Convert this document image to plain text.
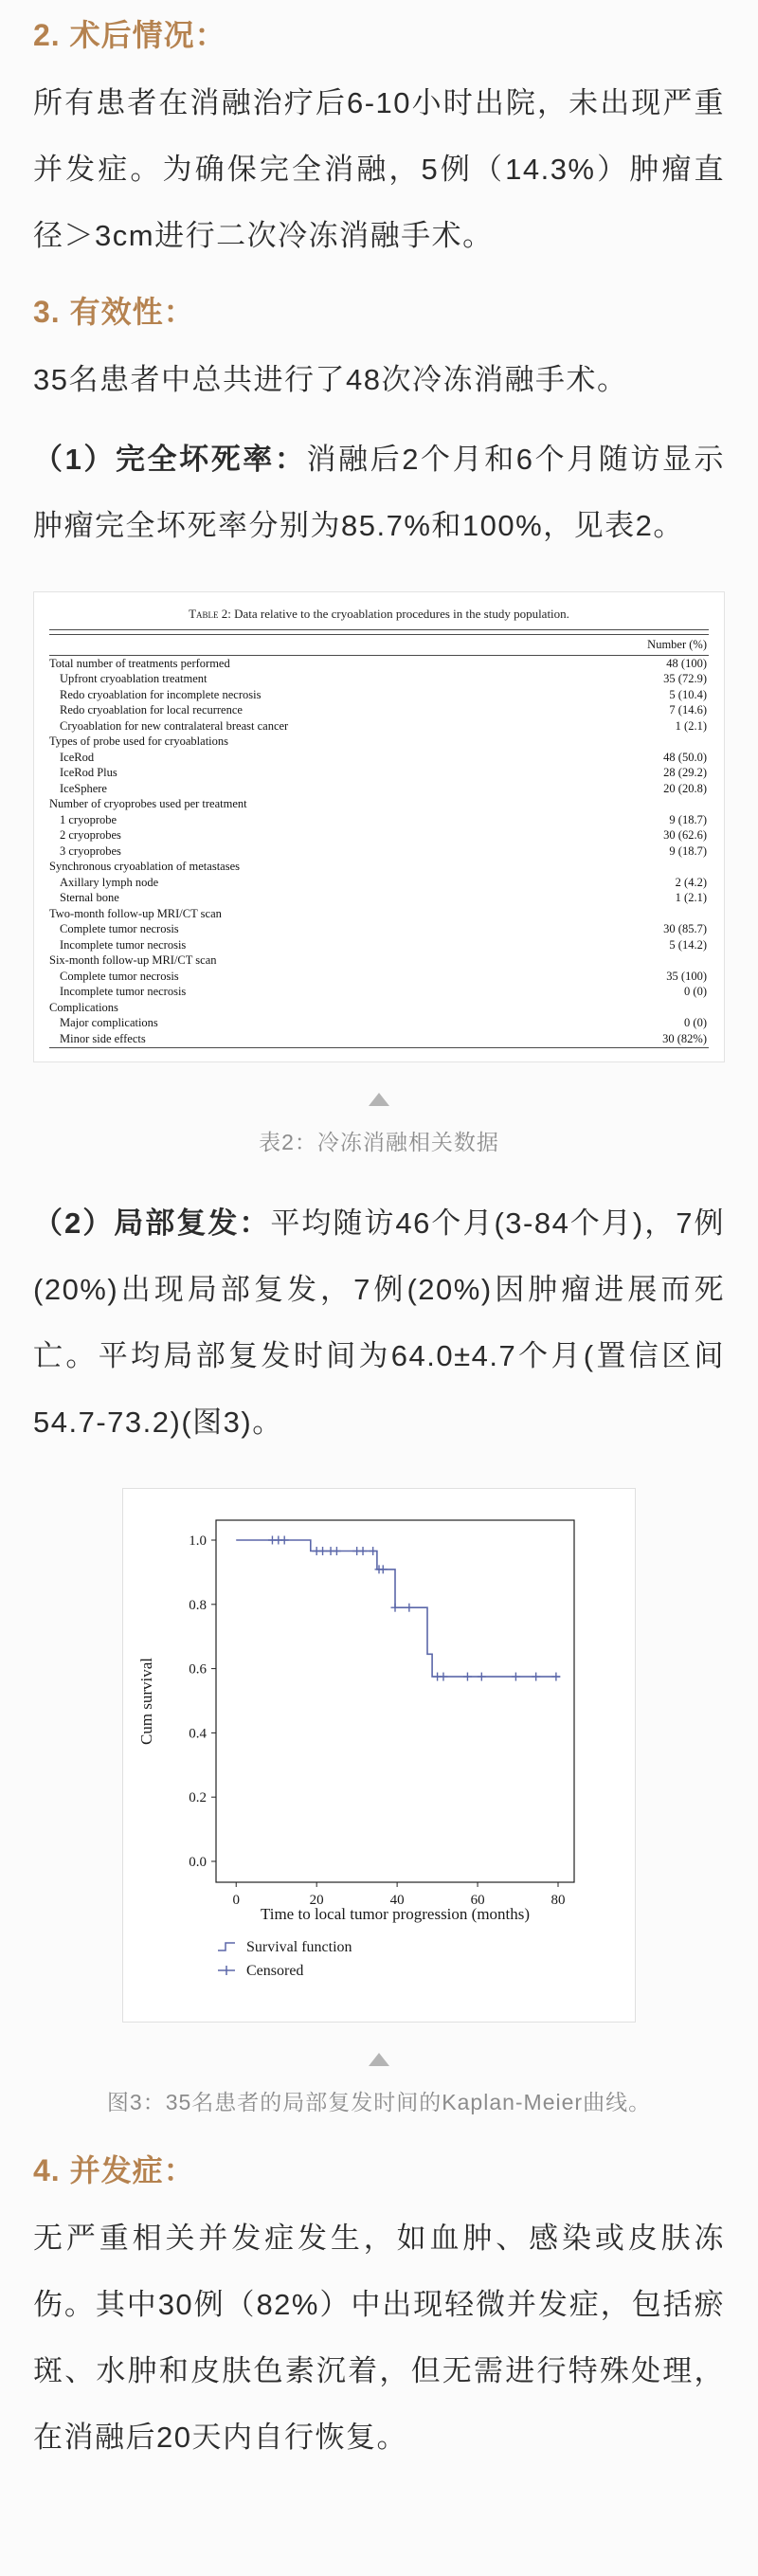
2. 术后情况：

所有患者在消融治疗后6-10小时出院，未出现严重并发症。为确保完全消融，5例（14.3%）肿瘤直径＞3cm进行二次冷冻消融手术。

3. 有效性：

35名患者中总共进行了48次冷冻消融手术。

（1）完全坏死率：消融后2个月和6个月随访显示肿瘤完全坏死率分别为85.7%和100%，见表2。

Table 2: Data relative to the cryoablation procedures in the study population.
	Number (%)
Total number of treatments performed	48 (100)
Upfront cryoablation treatment	35 (72.9)
Redo cryoablation for incomplete necrosis	5 (10.4)
Redo cryoablation for local recurrence	7 (14.6)
Cryoablation for new contralateral breast cancer	1 (2.1)
Types of probe used for cryoablations	
IceRod	48 (50.0)
IceRod Plus	28 (29.2)
IceSphere	20 (20.8)
Number of cryoprobes used per treatment	
1 cryoprobe	9 (18.7)
2 cryoprobes	30 (62.6)
3 cryoprobes	9 (18.7)
Synchronous cryoablation of metastases	
Axillary lymph node	2 (4.2)
Sternal bone	1 (2.1)
Two-month follow-up MRI/CT scan	
Complete tumor necrosis	30 (85.7)
Incomplete tumor necrosis	5 (14.2)
Six-month follow-up MRI/CT scan	
Complete tumor necrosis	35 (100)
Incomplete tumor necrosis	0 (0)
Complications	
Major complications	0 (0)
Minor side effects	30 (82%)
表2：冷冻消融相关数据

（2）局部复发：平均随访46个月(3-84个月)，7例(20%)出现局部复发，7例(20%)因肿瘤进展而死亡。平均局部复发时间为64.0±4.7个月(置信区间54.7-73.2)(图3)。

0.0
0.2
0.4
0.6
0.8
1.0
0	20	40	60	80
Time to local tumor progression (months)
Cum survival
Survival function
Censored
图3：35名患者的局部复发时间的Kaplan-Meier曲线。
4. 并发症：

无严重相关并发症发生，如血肿、感染或皮肤冻伤。其中30例（82%）中出现轻微并发症，包括瘀斑、水肿和皮肤色素沉着，但无需进行特殊处理，在消融后20天内自行恢复。
